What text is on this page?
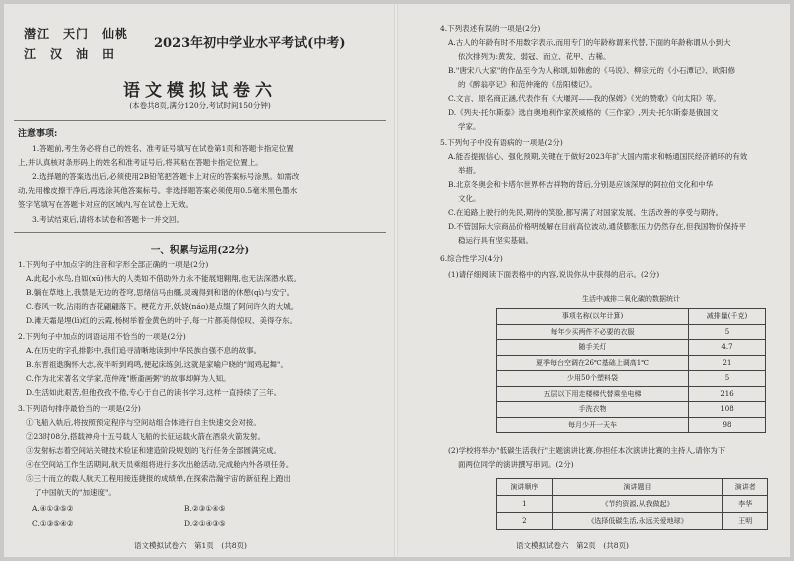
潜江　天门　仙桃
江　汉　油　田
2023年初中学业水平考试(中考)
语文模拟试卷六
(本卷共8页,满分120分,考试时间150分钟)
注意事项:
1.答题前,考生务必将自己的姓名、准考证号填写在试卷第1页和答题卡指定位置
上,并认真核对条形码上的姓名和准考证号后,将其粘在答题卡指定位置上。
2.选择题的答案选出后,必须使用2B铅笔把答题卡上对应的答案标号涂黑。如需改
动,先用橡皮擦干净后,再选涂其他答案标号。非选择题答案必须使用0.5毫米黑色墨水
签字笔填写在答题卡对应的区域内,写在试卷上无效。
3.考试结束后,请将本试卷和答题卡一并交回。
一、积累与运用(22分)
1.下列句子中加点字的注音和字形全部正确的一项是(2分)
A.此起小水鸟,自如(xū)伟大的人类如不借助外力永不能展翅翱翔,也无法深潜水底。
B.躺在草地上,我禁是无边的苍穹,思绪信马由缰,灵魂得到和谐的休憩(qì)与安宁。
C.春风一吹,沾雨的杏花翩翩落下。梗花方开,妖娆(náo)是点缀了阿问许久的大城。
D.滩天霜是埋(lì)红的云霞,杨树举着金黄色的叶子,每一片都美得惊叹、美得夺东。
2.下列句子中加点的词语运用不恰当的一项是(2分)
A.在历史的字孔排影中,我们追寻清晰地读到中华民族自强不息的故事。
B.东晋祖逖胸怀大志,夜半听到鸡鸣,便起床练剑,这就是家喻户晓的"闻鸡起舞"。
C.作为北宋著名文学家,范仲淹"断齑画粥"的故事却鲜为人知。
D.生活如此艰苦,但他孜孜不倦,专心于自己的读书学习,这样一直持续了三年。
3.下列语句排序最恰当的一项是(2分)
①飞船入轨后,将按照预定程序与空间站组合体进行自主快速交会对接。
②23时08分,搭载神舟十五号载人飞船的长征运载火箭在酒泉火箭发射。
③发射标志着空间站关键技术验证和建造阶段规划的飞行任务全部圆满完成。
④在空间站工作生活期间,航天员乘组将进行多次出舱活动,完成舱内外各项任务。
⑤三十而立的载人航天工程用接连捷报的成绩单,在探索浩瀚宇宙的新征程上跑出
了中国航天的"加速度"。
A.④①③⑤②	B.②③①④⑤
C.①③⑤④②	D.②①④③⑤
语文模拟试卷六　第1页　(共8页)
4.下列表述有误的一项是(2分)
A.古人的年龄有时不用数字表示,而用专门的年龄称谓来代替,下面的年龄称谓从小到大
依次排列为:黄发、弱冠、而立、花甲、古稀。
B."唐宋八大家"的作品至今为人称颂,如韩愈的《马说》、柳宗元的《小石潭记》、欧阳修
的《醉翁亭记》和范仲淹的《岳阳楼记》。
C.文言、原名商正涵,代表作有《大堰河——我的保姆》《光的赞歌》《向太阳》等。
D.《列夫·托尔斯泰》选自奥地利作家茨威格的《三作家》,列夫·托尔斯泰是俄国文
学家。
5.下列句子中没有语病的一项是(2分)
A.能否提振信心、强化预期,关键在于做好2023年扩大国内需求和畅通国民经济循环的有效
举措。
B.北京冬奥会和卡塔尔世界杯吉祥物的背后,分别是应该深厚的阿拉伯文化和中华
文化。
C.在追路上驶行的先民,期待的笑脸,都写满了对国家发展、生活改善的享受与期待。
D.不管国际大宗商品价格明缓解在目前高位波动,通货膨胀压力仍然存在,但我国物价保持平
稳运行具有坚实基础。
6.综合性学习(4分)
(1)请仔细阅读下面表格中的内容,说说你从中获得的启示。(2分)
生活中减排二氧化碳的数据统计
事项名称(以年计算)	减排量(千克)
每年少买两件不必要的衣服	5
随手关灯	4.7
夏季每台空调在26℃基础上调高1℃	21
少用50个塑料袋	5
五层以下用走楼梯代替乘坐电梯	216
手洗衣物	108
每月少开一天车	98
(2)学校将举办"低碳生活我行"主题演讲比赛,你担任本次演讲比赛的主持人,请你为下
面两位同学的演讲撰写串词。(2分)
演讲顺序	演讲题目	演讲者
1	《节约资源,从我做起》	李华
2	《选择低碳生活,永远关爱地球》	王明
语文模拟试卷六　第2页　(共8页)
